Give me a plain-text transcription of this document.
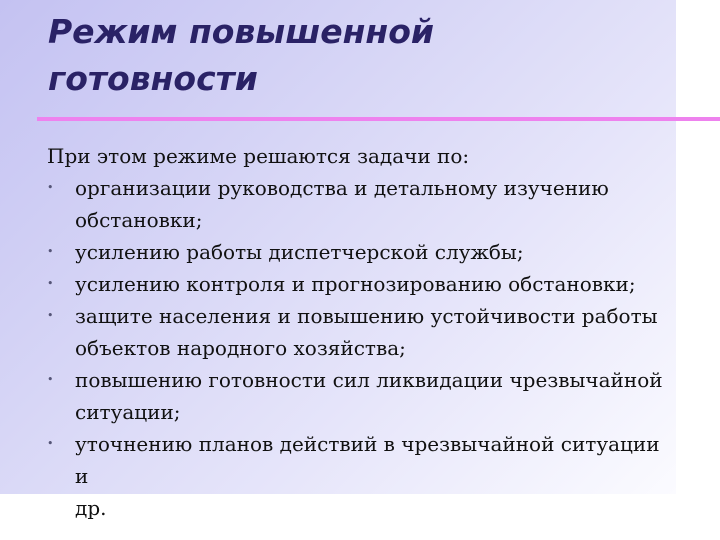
Режим повышенной
готовности

При этом режиме решаются задачи по:

•	организации руководства и детальному изучению
обстановки;
•	усилению работы диспетчерской службы;
•	усилению контроля и прогнозированию обстановки;
•	защите населения и повышению устойчивости работы
объектов народного хозяйства;
•	повышению готовности сил ликвидации чрезвычайной
ситуации;
•	уточнению планов действий в чрезвычайной ситуации и
др.
